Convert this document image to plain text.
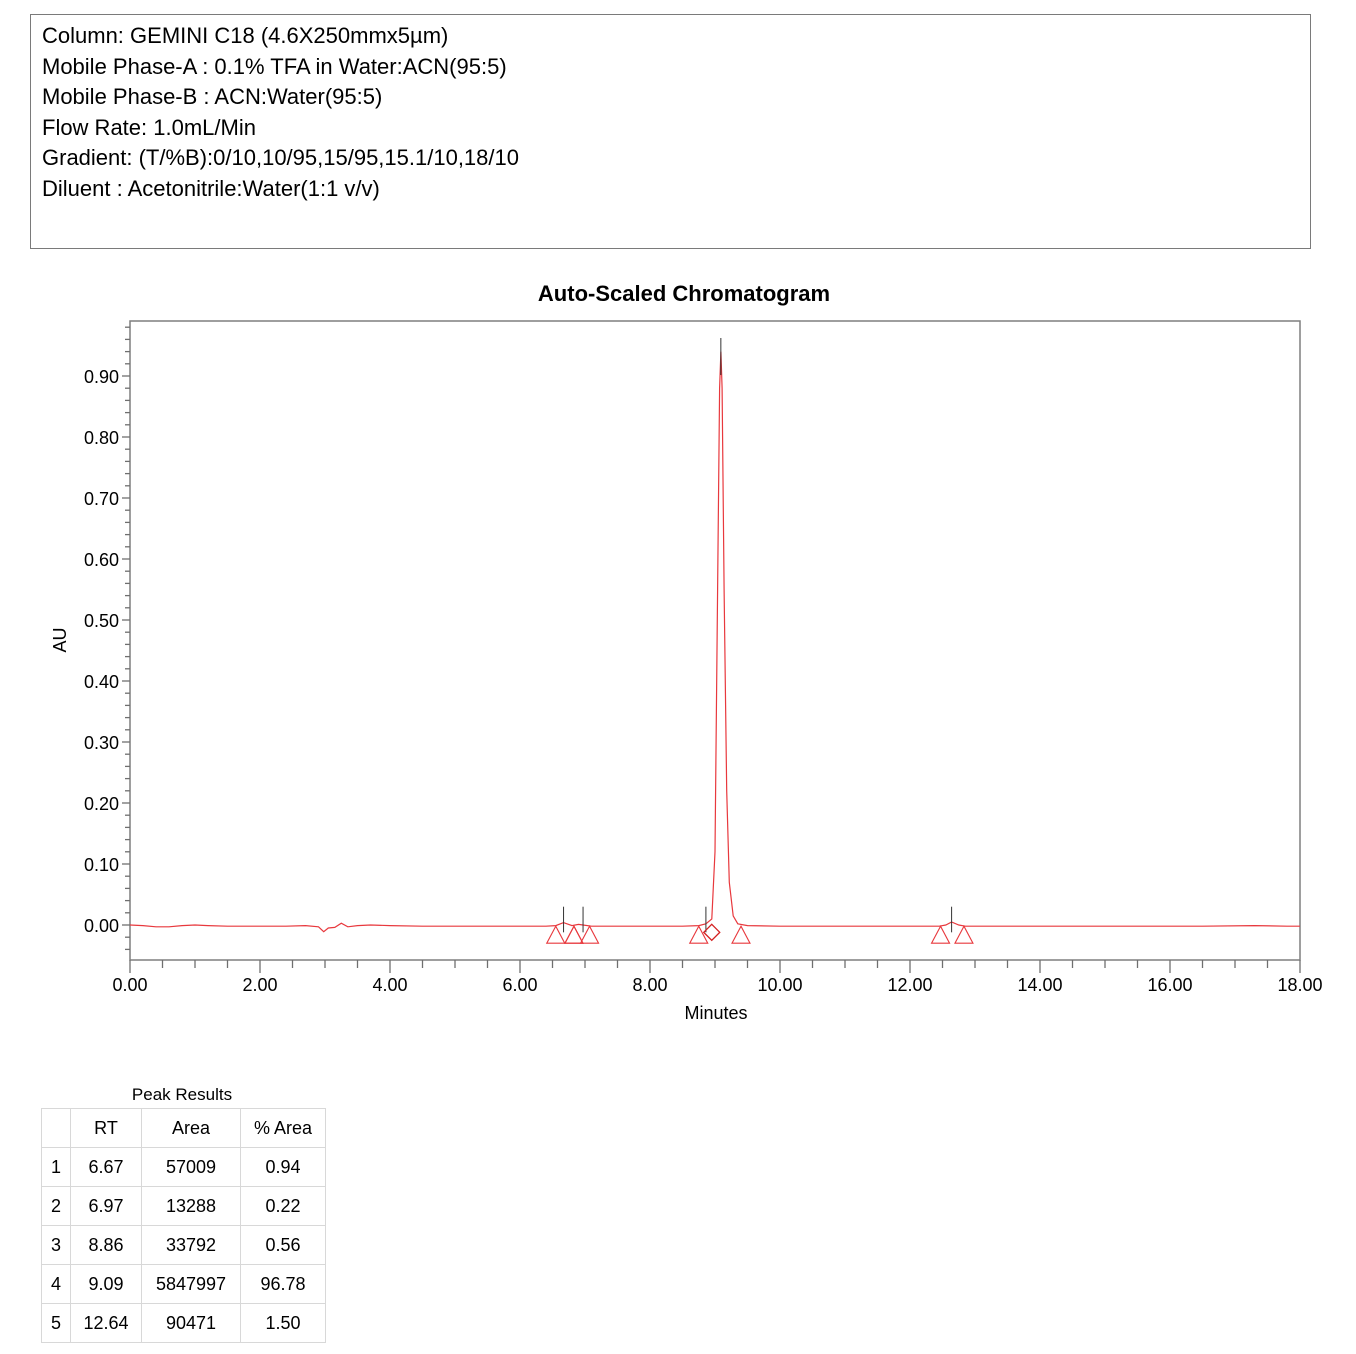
Column: GEMINI C18 (4.6X250mmx5µm)
Mobile Phase-A : 0.1% TFA in Water:ACN(95:5)
Mobile Phase-B : ACN:Water(95:5)
Flow Rate: 1.0mL/Min
Gradient: (T/%B):0/10,10/95,15/95,15.1/10,18/10
Diluent : Acetonitrile:Water(1:1 v/v)
Auto-Scaled Chromatogram
0.00
0.10
0.20
0.30
0.40
0.50
0.60
0.70
0.80
0.90
0.00	2.00	4.00	6.00	8.00	10.00	12.00	14.00	16.00	18.00
AU
Minutes
Peak Results
	RT	Area	% Area
1	6.67	57009	0.94
2	6.97	13288	0.22
3	8.86	33792	0.56
4	9.09	5847997	96.78
5	12.64	90471	1.50
